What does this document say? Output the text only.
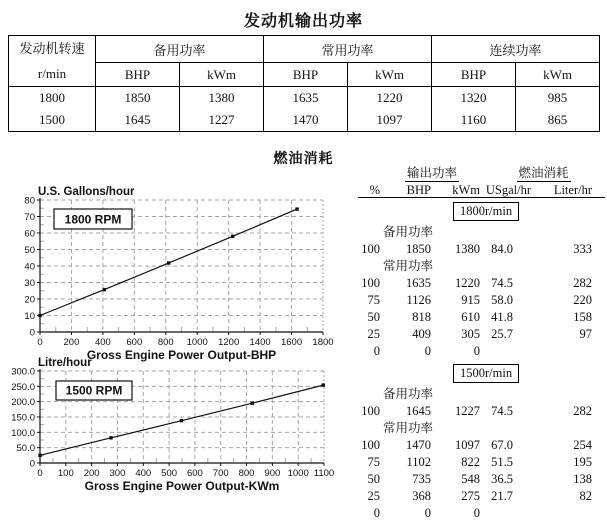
发动机输出功率
发动机转速
r/min	备用功率		常用功率		连续功率	
	BHP	kWm	BHP	kWm	BHP	kWm
1800	1850	1380	1635	1220	1320	985
1500	1645	1227	1470	1097	1160	865
燃油消耗
0 200 400 600 800 1000 1200 1400 1600 1800
0
10
20
30
40
50
60
70
80
U.S. Gallons/hour
Gross Engine Power Output-BHP
1800 RPM
0 100 200 300 400 500 600 700 800 900 1000 1100
0
50.0
100.0
150.0
200.0
250.0
300.0
Litre/hour
Gross Engine Power Output-KWm
1500 RPM
	输出功率		燃油消耗	
%	BHP	kWm	USgal/hr	Liter/hr
1800r/min				
	备用功率			
100	1850	1380	84.0	333
	常用功率			
100	1635	1220	74.5	282
75	1126	915	58.0	220
50	818	610	41.8	158
25	409	305	25.7	97
0	0	0		
1500r/min				
	备用功率			
100	1645	1227	74.5	282
	常用功率			
100	1470	1097	67.0	254
75	1102	822	51.5	195
50	735	548	36.5	138
25	368	275	21.7	82
0	0	0		
